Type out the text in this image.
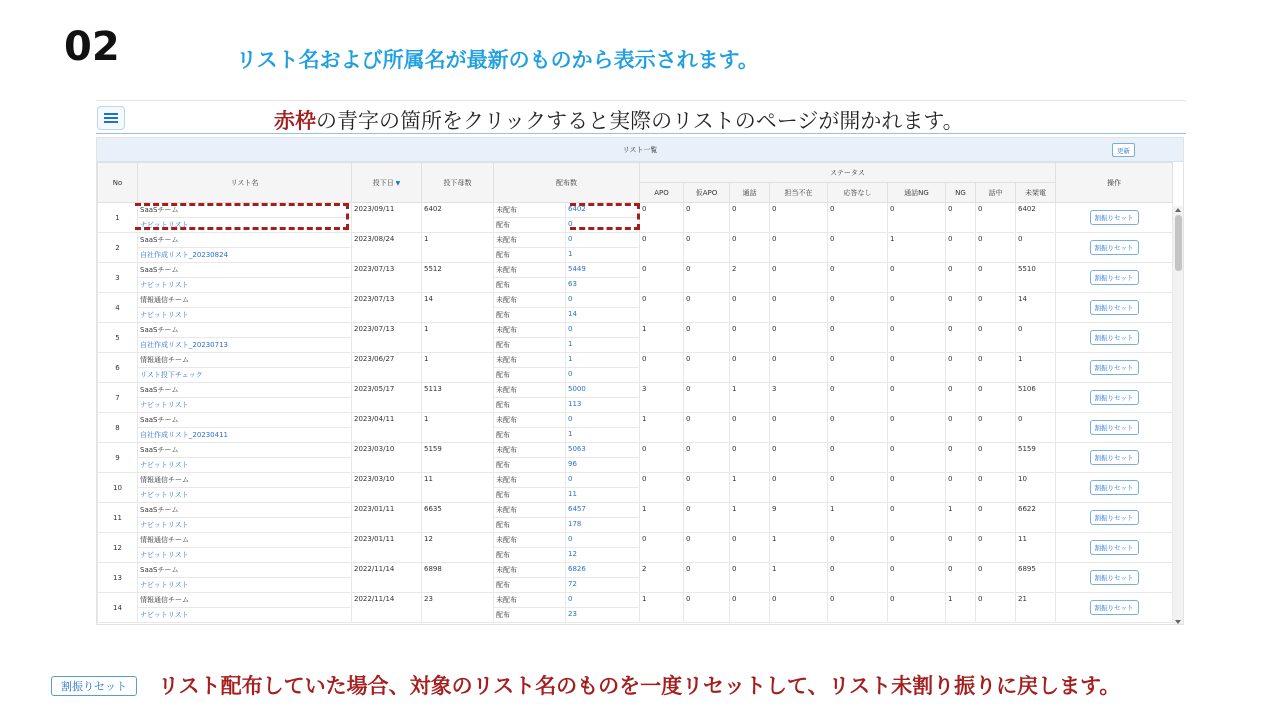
02	リスト名および所属名が最新のものから表示されます。
赤枠の青字の箇所をクリックすると実際のリストのページが開かれます。
リスト一覧	更新
No	リスト名	投下日 ▼	投下母数	配布数	ステータス									操作
					APO	仮APO	通話	担当不在	応答なし	通話NG	NG	話中	未架電	
1	SaaSチーム	2023/09/11	6402	未配布 6402	0	0	0	0	0	0	0	0	6402	割振りセット
	ナビットリスト			配布 0										

2	SaaSチーム	2023/08/24	1	未配布 0	0	0	0	0	0	1	0	0	0	割振りセット
	自社作成リスト_20230824			配布 1										

3	SaaSチーム	2023/07/13	5512	未配布 5449	0	0	2	0	0	0	0	0	5510	割振りセット
	ナビットリスト			配布 63										

4	情報通信チーム	2023/07/13	14	未配布 0	0	0	0	0	0	0	0	0	14	割振りセット
	ナビットリスト			配布 14										

5	SaaSチーム	2023/07/13	1	未配布 0	1	0	0	0	0	0	0	0	0	割振りセット
	自社作成リスト_20230713			配布 1										

6	情報通信チーム	2023/06/27	1	未配布 1	0	0	0	0	0	0	0	0	1	割振りセット
	リスト投下チェック			配布 0										

7	SaaSチーム	2023/05/17	5113	未配布 5000	3	0	1	3	0	0	0	0	5106	割振りセット
	ナビットリスト			配布 113										

8	SaaSチーム	2023/04/11	1	未配布 0	1	0	0	0	0	0	0	0	0	割振りセット
	自社作成リスト_20230411			配布 1										

9	SaaSチーム	2023/03/10	5159	未配布 5063	0	0	0	0	0	0	0	0	5159	割振りセット
	ナビットリスト			配布 96										

10	情報通信チーム	2023/03/10	11	未配布 0	0	0	1	0	0	0	0	0	10	割振りセット
	ナビットリスト			配布 11										

11	SaaSチーム	2023/01/11	6635	未配布 6457	1	0	1	9	1	0	1	0	6622	割振りセット
	ナビットリスト			配布 178										

12	情報通信チーム	2023/01/11	12	未配布 0	0	0	0	1	0	0	0	0	11	割振りセット
	ナビットリスト			配布 12										

13	SaaSチーム	2022/11/14	6898	未配布 6826	2	0	0	1	0	0	0	0	6895	割振りセット
	ナビットリスト			配布 72										

14	情報通信チーム	2022/11/14	23	未配布 0	1	0	0	0	0	0	1	0	21	割振りセット
	ナビットリスト			配布 23										
割振りセット	リスト配布していた場合、対象のリスト名のものを一度リセットして、リスト未割り振りに戻します。
